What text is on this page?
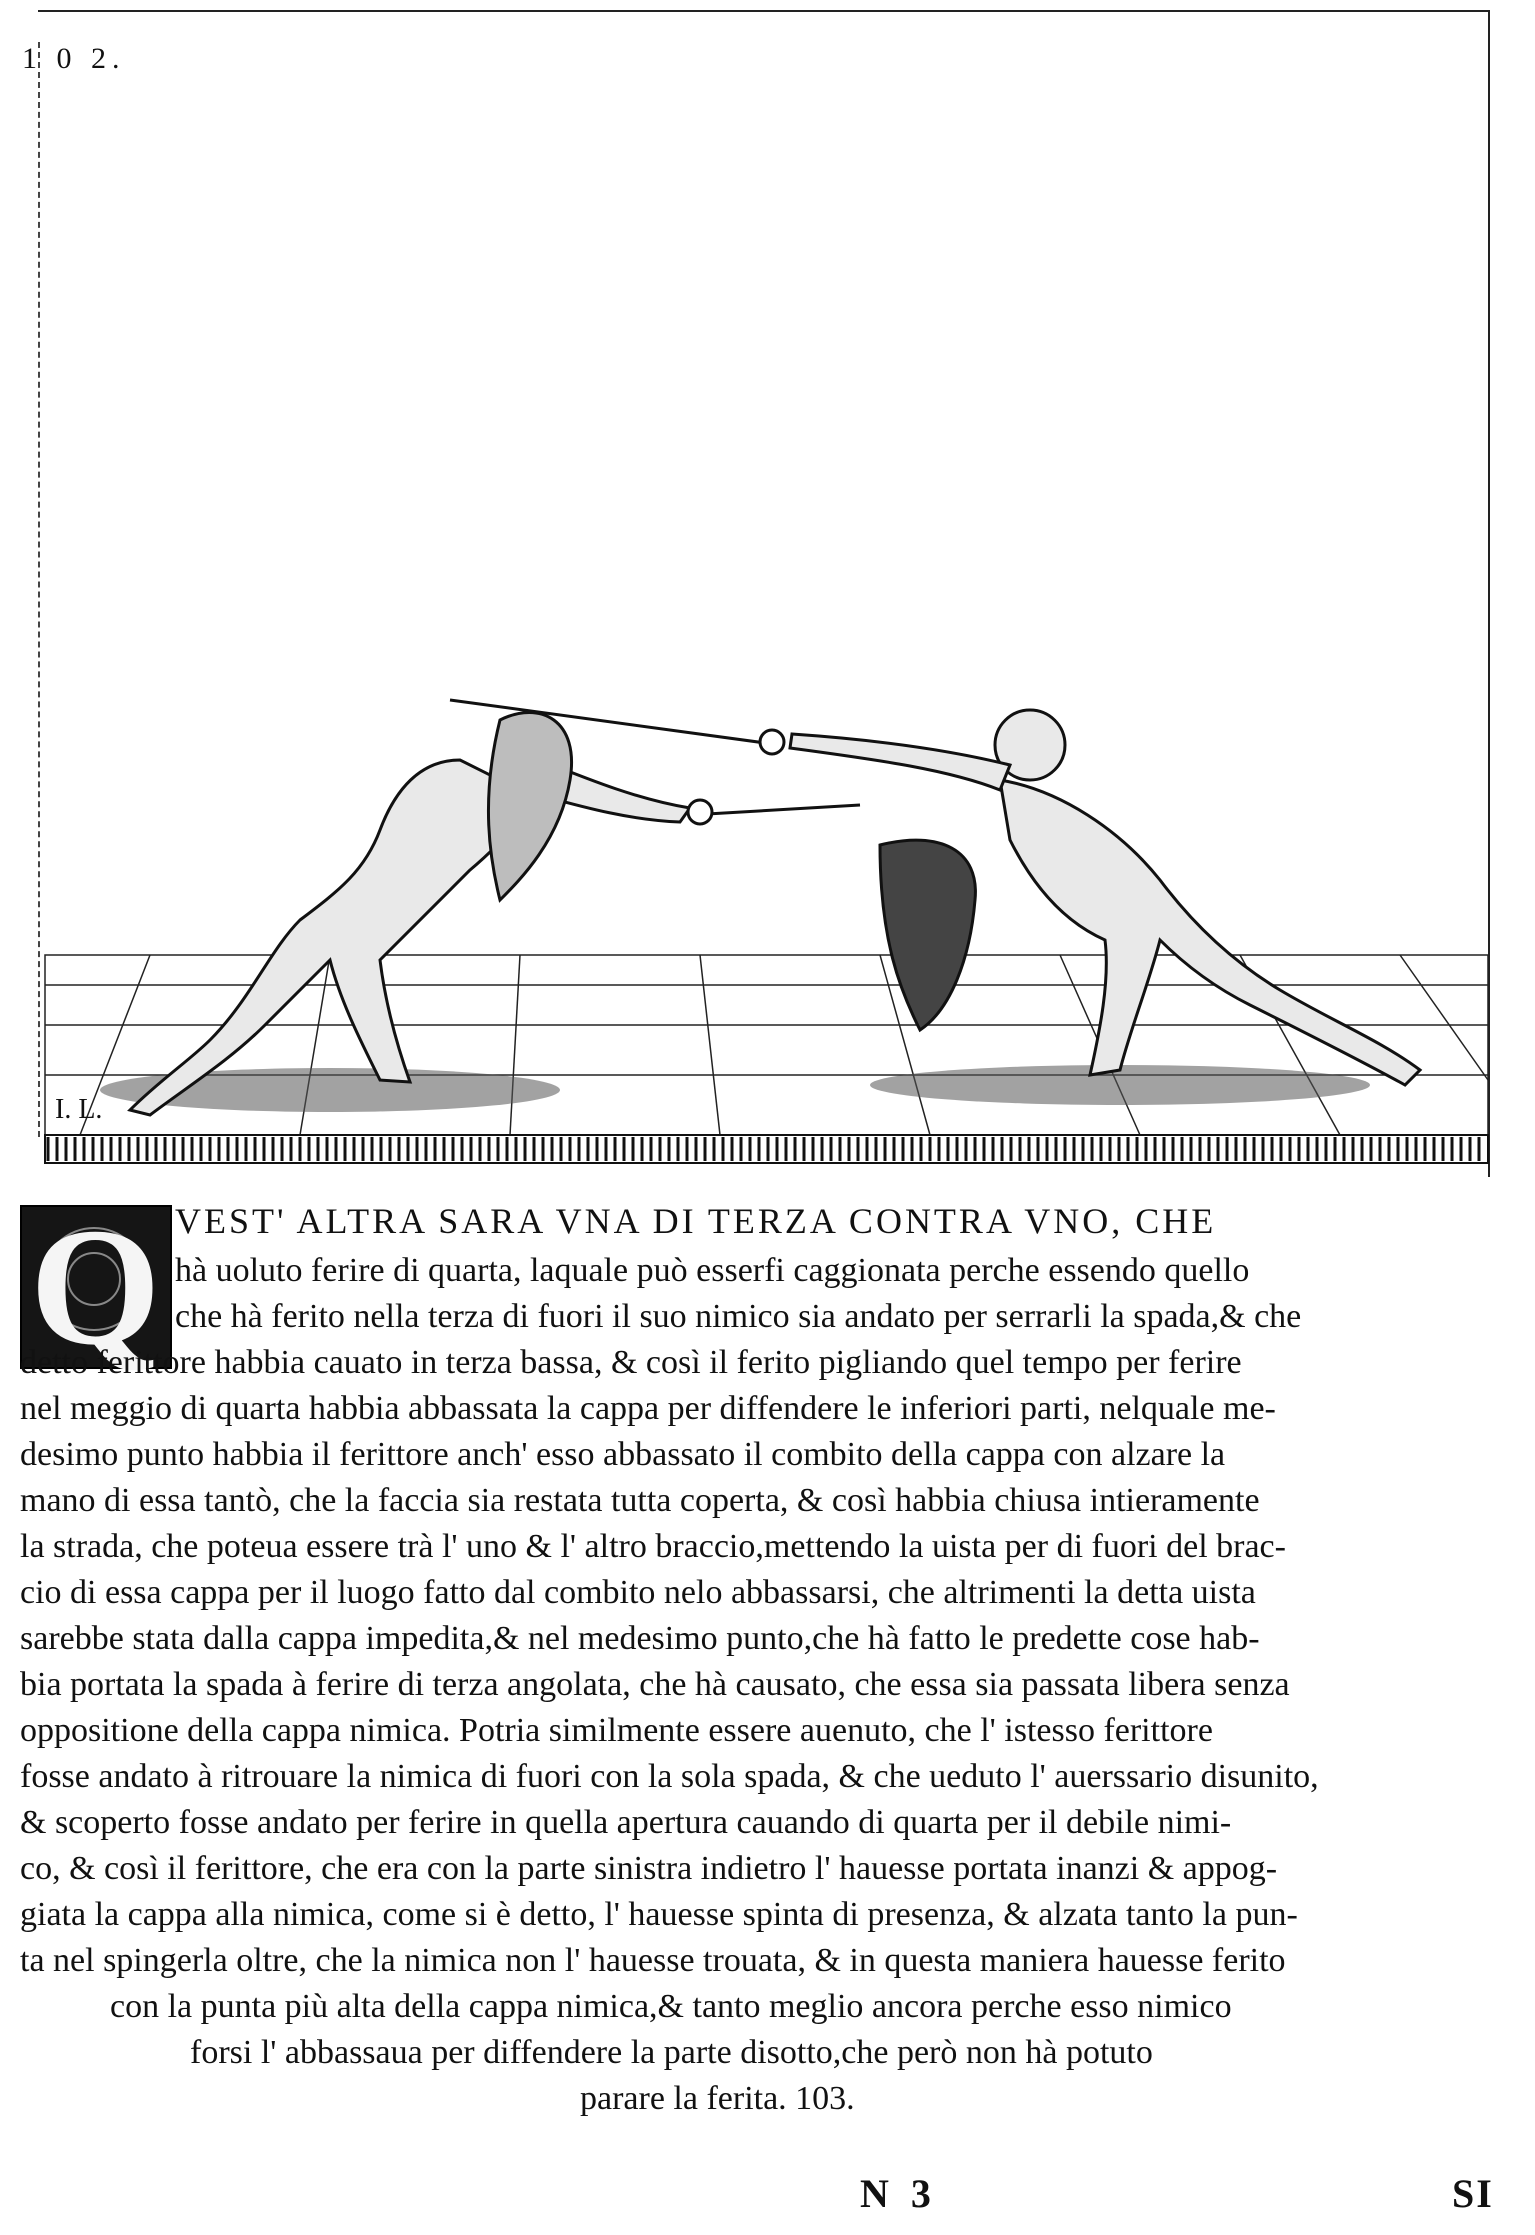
1 0 2.
I. L.
Q VEST' ALTRA SARA VNA DI TERZA CONTRA VNO, CHE
hà uoluto ferire di quarta, laquale può esserfi caggionata perche essendo quello
che hà ferito nella terza di fuori il suo nimico sia andato per serrarli la spada,& che
detto ferittore habbia cauato in terza bassa, & così il ferito pigliando quel tempo per ferire
nel meggio di quarta habbia abbassata la cappa per diffendere le inferiori parti, nelquale me-
desimo punto habbia il ferittore anch' esso abbassato il combito della cappa con alzare la
mano di essa tantò, che la faccia sia restata tutta coperta, & così habbia chiusa intieramente
la strada, che poteua essere trà l' uno & l' altro braccio,mettendo la uista per di fuori del brac-
cio di essa cappa per il luogo fatto dal combito nelo abbassarsi, che altrimenti la detta uista
sarebbe stata dalla cappa impedita,& nel medesimo punto,che hà fatto le predette cose hab-
bia portata la spada à ferire di terza angolata, che hà causato, che essa sia passata libera senza
oppositione della cappa nimica. Potria similmente essere auenuto, che l' istesso ferittore
fosse andato à ritrouare la nimica di fuori con la sola spada, & che ueduto l' auerssario disunito,
& scoperto fosse andato per ferire in quella apertura cauando di quarta per il debile nimi-
co, & così il ferittore, che era con la parte sinistra indietro l' hauesse portata inanzi & appog-
giata la cappa alla nimica, come si è detto, l' hauesse spinta di presenza, & alzata tanto la pun-
ta nel spingerla oltre, che la nimica non l' hauesse trouata, & in questa maniera hauesse ferito
con la punta più alta della cappa nimica,& tanto meglio ancora perche esso nimico
forsi l' abbassaua per diffendere la parte disotto,che però non hà potuto
parare la ferita. 103.
N 3	SI
